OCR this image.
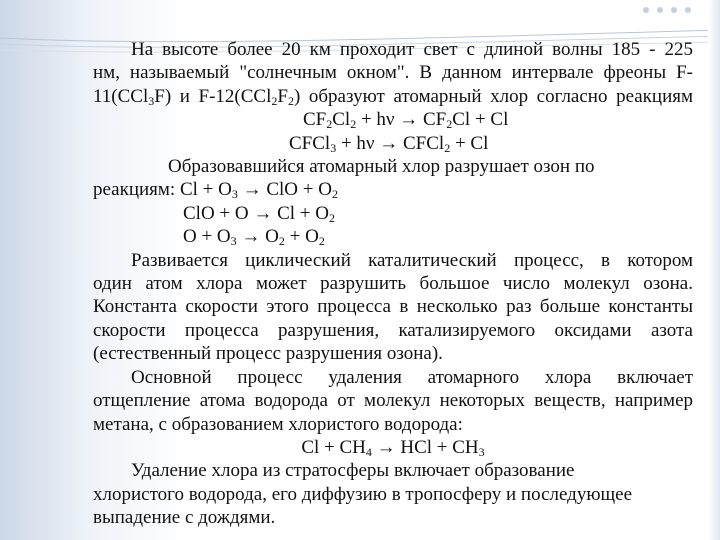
На высоте более 20 км проходит свет с длиной волны 185 - 225

нм, называемый "солнечным окном". В данном интервале фреоны F-

11(CCl$_3$F) и $F-12(CCl_2F_2)$ образуют атомарный хлор согласно реакциям

$CF_2Cl_2 + h\nu \to CF_2Cl + Cl$

CFCl$_3$ + hν → CFCl$_2$ + Cl

Образовавшийся атомарный хлор разрушает озон по

реакциям: $Cl + O_3$ → ClO + $O_2$

ClO + $O \to Cl + O_2$

$O + O_3 \to O_2 + O_2$

Развивается циклический каталитический процесс, в котором

один атом хлора может разрушить большое число молекул озона.

Константа скорости этого процесса в несколько раз больше константы

скорости процесса разрушения, катализируемого оксидами азота

(естественный процесс разрушения озона).

Основной процесс удаления атомарного хлора включает

отщепление атома водорода от молекул некоторых веществ, например

метана, с образованием хлористого водорода:

$Cl + CH_4$ → HCl + $CH_3$

Удаление хлора из стратосферы включает образование

хлористого водорода, его диффузию в тропосферу и последующее

выпадение с дождями.
